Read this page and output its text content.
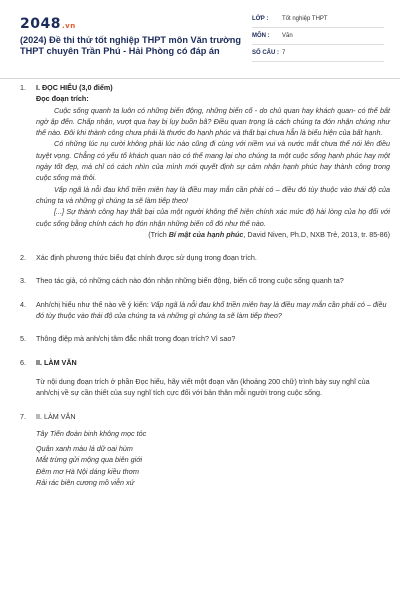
2048.vn
(2024) Đề thi thử tốt nghiệp THPT môn Văn trường THPT chuyên Trần Phú - Hải Phòng có đáp án
LỚP :	Tốt nghiệp THPT
MÔN :	Văn
SỐ CÂU : 7
1.	I. ĐỌC HIỂU (3,0 điểm)
Đọc đoạn trích:

Cuộc sống quanh ta luôn có những biến động, những biến cố - do chủ quan hay khách quan- có thể bất ngờ ập đến. Chấp nhận, vượt qua hay bị lụy buồn bã? Điều quan trọng là cách chúng ta đón nhận chúng như thế nào. Đôi khi thành công chưa phải là thước đo hạnh phúc và thất bại chưa hẳn là biểu hiện của bất hạnh.

Có những lúc nụ cười không phải lúc nào cũng đi cùng với niềm vui và nước mắt chưa thể nói lên điều tuyệt vọng. Chẳng có yếu tố khách quan nào có thể mang lại cho chúng ta một cuộc sống hạnh phúc hay một ngày tốt đẹp, mà chỉ có cách nhìn của mình mới quyết định sự cảm nhận hạnh phúc hay thành công trong cuộc sống mà thôi.

Vấp ngã là nỗi đau khổ triền miên hay là điều may mắn cần phải có – điều đó tùy thuộc vào thái độ của chúng ta và những gì chúng ta sẽ làm tiếp theo!

[...] Sự thành công hay thất bại của một người không thể hiện chính xác mức độ hài lòng của họ đối với cuộc sống bằng chính cách họ đón nhận những biến cố đó như thế nào.

(Trích Bí mật của hạnh phúc, David Niven, Ph.D, NXB Trẻ, 2013, tr. 85-86)
2.	Xác định phương thức biểu đạt chính được sử dụng trong đoạn trích.
3.	Theo tác giả, có những cách nào đón nhận những biến động, biến cố trong cuộc sống quanh ta?
4.	Anh/chị hiểu như thế nào về ý kiến: Vấp ngã là nỗi đau khổ triền miên hay là điều may mắn cần phải có – điều đó tùy thuộc vào thái độ của chúng ta và những gì chúng ta sẽ làm tiếp theo?
5.	Thông điệp mà anh/chị tâm đắc nhất trong đoạn trích? Vì sao?
6.	II. LÀM VĂN
Từ nội dung đoạn trích ở phần Đọc hiểu, hãy viết một đoạn văn (khoảng 200 chữ) trình bày suy nghĩ của anh/chị về sự cần thiết của suy nghĩ tích cực đối với bản thân mỗi người trong cuộc sống.
7.	II. LÀM VĂN
Tây Tiến đoàn binh không mọc tóc
Quân xanh màu lá dữ oai hùm
Mắt trừng gửi mộng qua biên giới
Đêm mơ Hà Nội dáng kiều thơm
Rải rác biên cương mồ viễn xứ
